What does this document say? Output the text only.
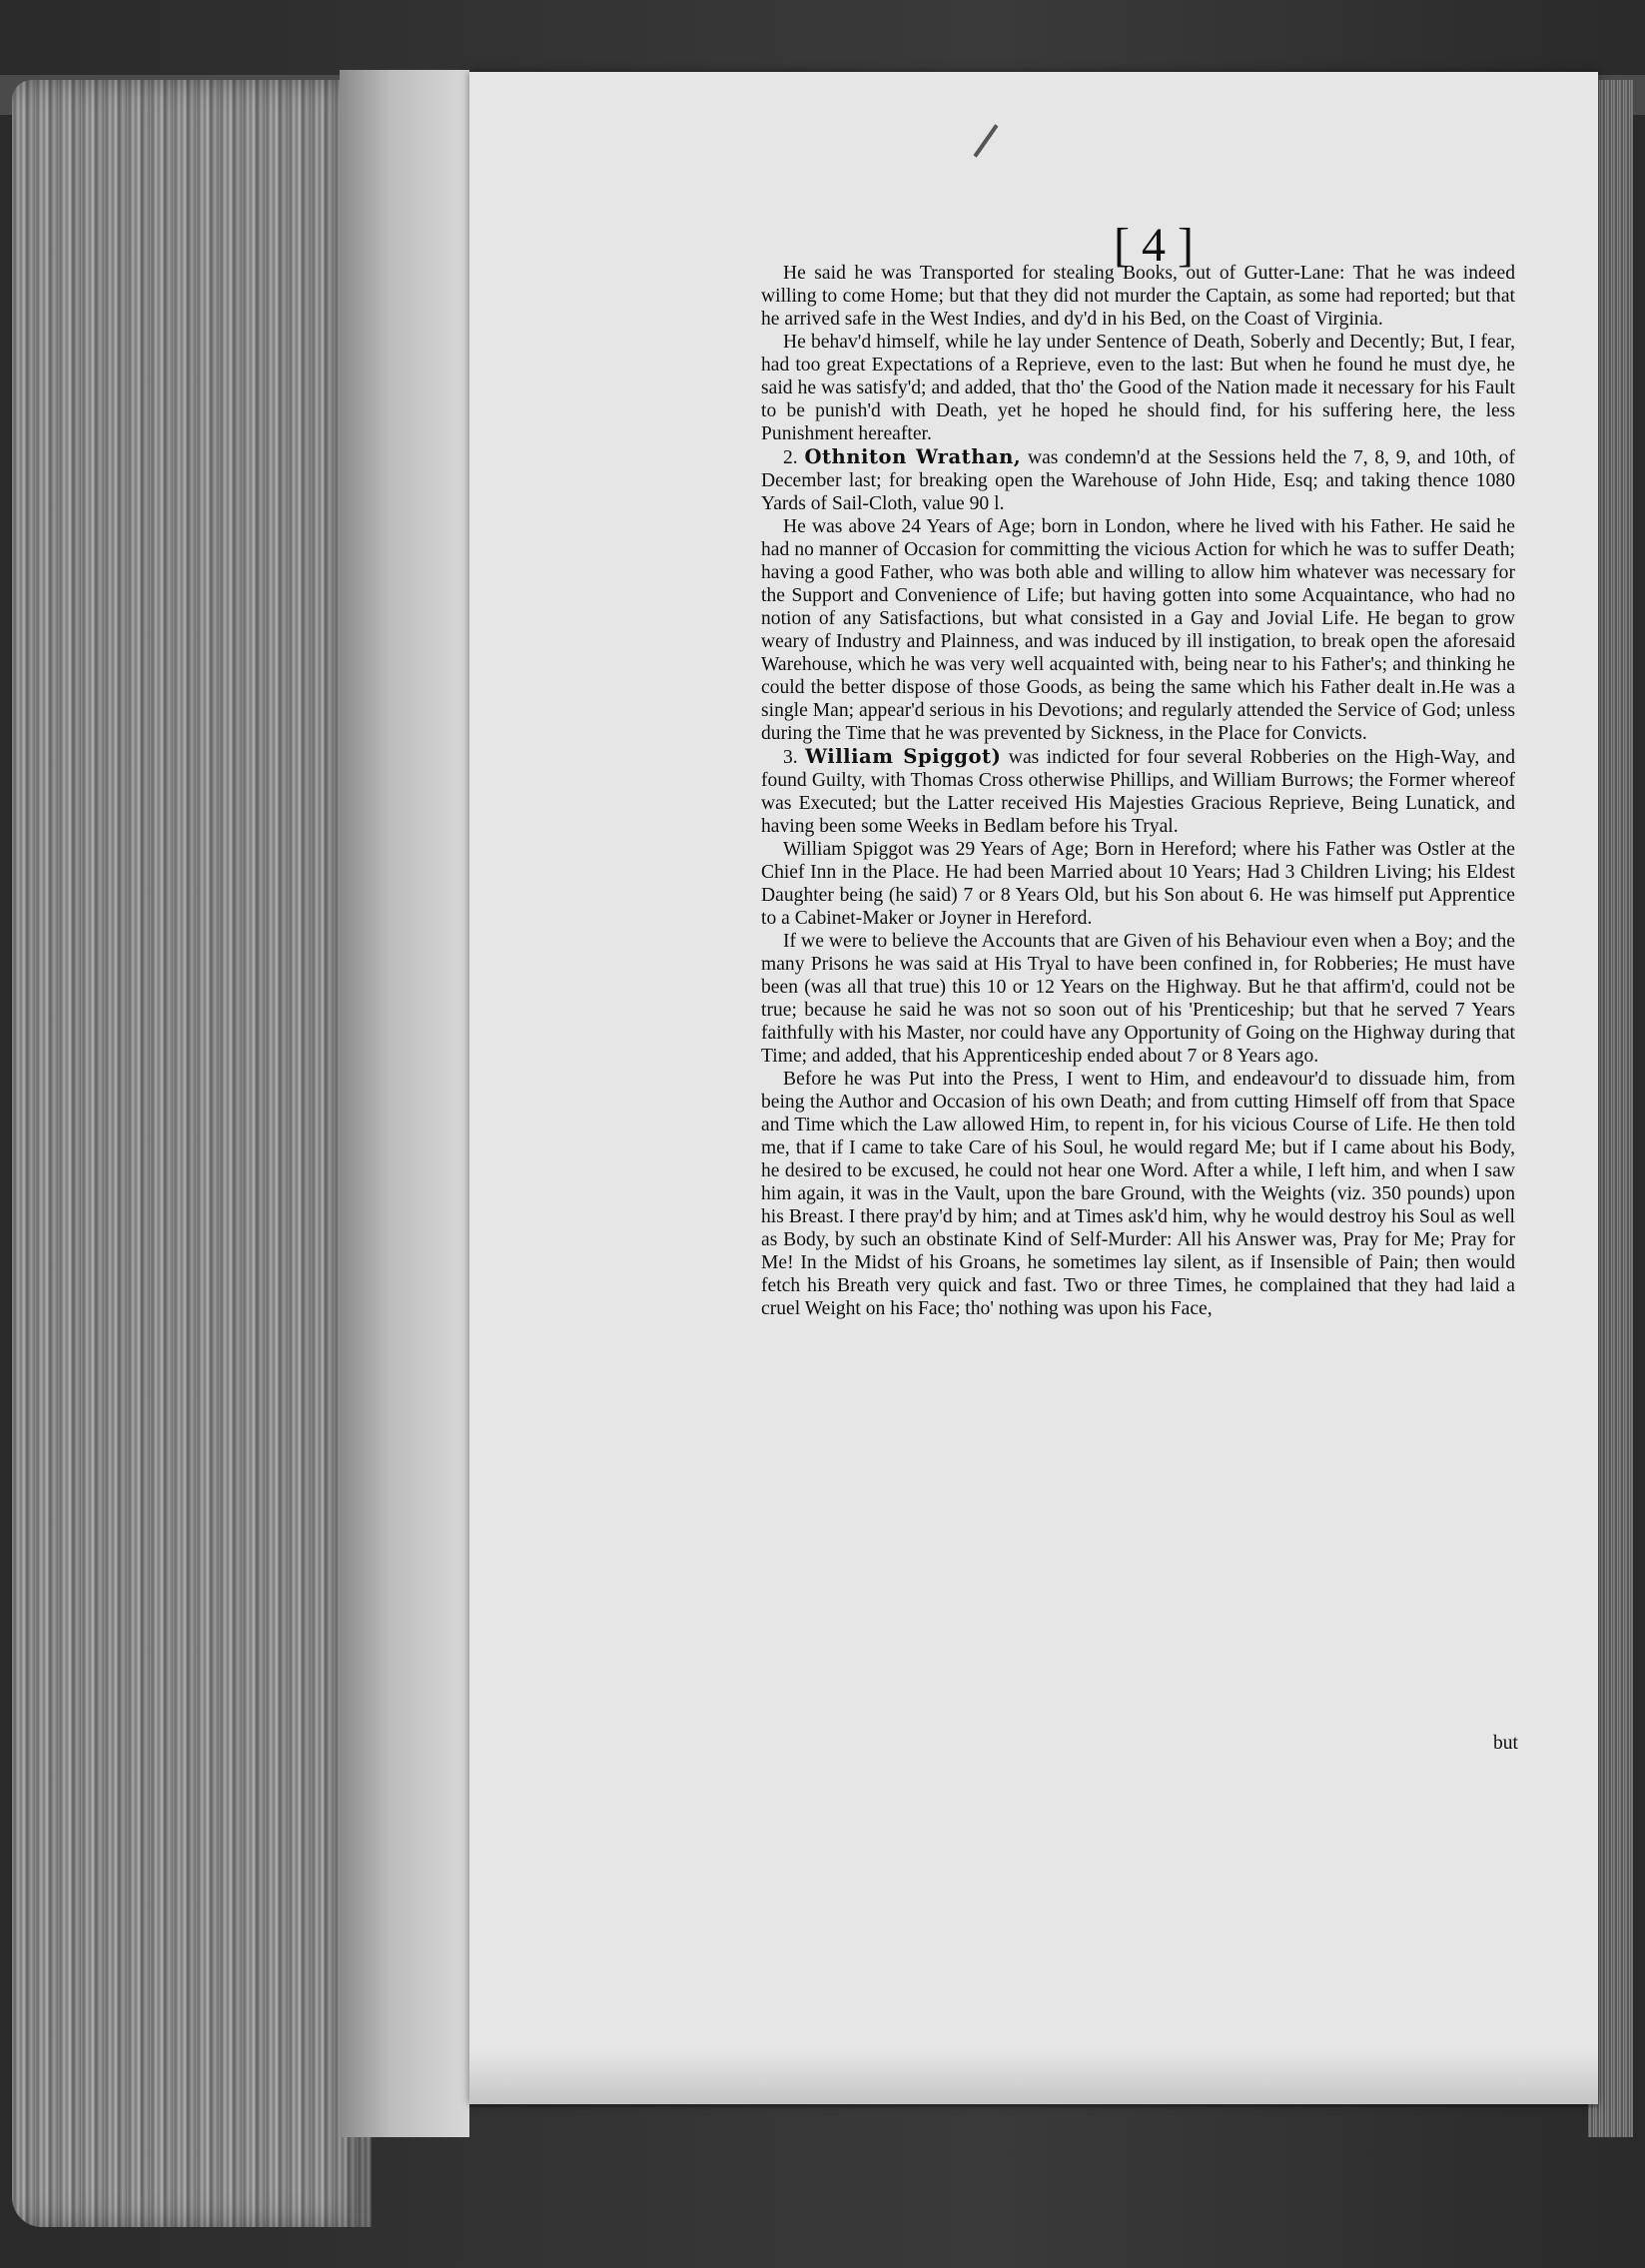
[ 4 ]

He said he was Transported for stealing Books, out of Gutter-Lane: That he was indeed willing to come Home; but that they did not murder the Captain, as some had reported; but that he arrived safe in the West Indies, and dy'd in his Bed, on the Coast of Virginia.

He behav'd himself, while he lay under Sentence of Death, Soberly and Decently; But, I fear, had too great Expectations of a Reprieve, even to the last: But when he found he must dye, he said he was satisfy'd; and added, that tho' the Good of the Nation made it necessary for his Fault to be punish'd with Death, yet he hoped he should find, for his suffering here, the less Punishment hereafter.

2. Othniton Wrathan, was condemn'd at the Sessions held the 7, 8, 9, and 10th, of December last; for breaking open the Warehouse of John Hide, Esq; and taking thence 1080 Yards of Sail-Cloth, value 90 l.

He was above 24 Years of Age; born in London, where he lived with his Father. He said he had no manner of Occasion for committing the vicious Action for which he was to suffer Death; having a good Father, who was both able and willing to allow him whatever was necessary for the Support and Convenience of Life; but having gotten into some Acquaintance, who had no notion of any Satisfactions, but what consisted in a Gay and Jovial Life. He began to grow weary of Industry and Plainness, and was induced by ill instigation, to break open the aforesaid Warehouse, which he was very well acquainted with, being near to his Father's; and thinking he could the better dispose of those Goods, as being the same which his Father dealt in.He was a single Man; appear'd serious in his Devotions; and regularly attended the Service of God; unless during the Time that he was prevented by Sickness, in the Place for Convicts.

3. William Spiggot) was indicted for four several Robberies on the High-Way, and found Guilty, with Thomas Cross otherwise Phillips, and William Burrows; the Former whereof was Executed; but the Latter received His Majesties Gracious Reprieve, Being Lunatick, and having been some Weeks in Bedlam before his Tryal.

William Spiggot was 29 Years of Age; Born in Hereford; where his Father was Ostler at the Chief Inn in the Place. He had been Married about 10 Years; Had 3 Children Living; his Eldest Daughter being (he said) 7 or 8 Years Old, but his Son about 6. He was himself put Apprentice to a Cabinet-Maker or Joyner in Hereford.

If we were to believe the Accounts that are Given of his Behaviour even when a Boy; and the many Prisons he was said at His Tryal to have been confined in, for Robberies; He must have been (was all that true) this 10 or 12 Years on the Highway. But he that affirm'd, could not be true; because he said he was not so soon out of his 'Prenticeship; but that he served 7 Years faithfully with his Master, nor could have any Opportunity of Going on the Highway during that Time; and added, that his Apprenticeship ended about 7 or 8 Years ago.

Before he was Put into the Press, I went to Him, and endeavour'd to dissuade him, from being the Author and Occasion of his own Death; and from cutting Himself off from that Space and Time which the Law allowed Him, to repent in, for his vicious Course of Life. He then told me, that if I came to take Care of his Soul, he would regard Me; but if I came about his Body, he desired to be excused, he could not hear one Word. After a while, I left him, and when I saw him again, it was in the Vault, upon the bare Ground, with the Weights (viz. 350 pounds) upon his Breast. I there pray'd by him; and at Times ask'd him, why he would destroy his Soul as well as Body, by such an obstinate Kind of Self-Murder: All his Answer was, Pray for Me; Pray for Me! In the Midst of his Groans, he sometimes lay silent, as if Insensible of Pain; then would fetch his Breath very quick and fast. Two or three Times, he complained that they had laid a cruel Weight on his Face; tho' nothing was upon his Face,

but
